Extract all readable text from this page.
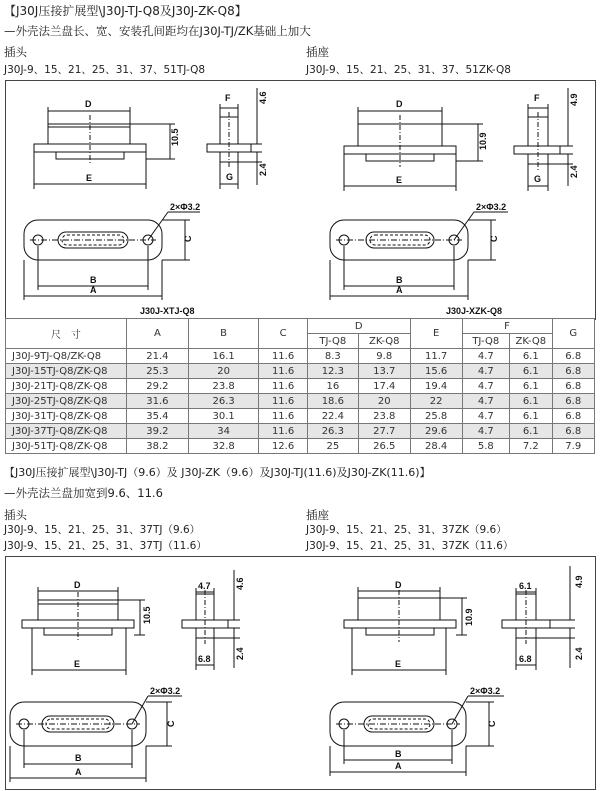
【J30J压接扩展型\J30J-TJ-Q8及J30J-ZK-Q8】
—外壳法兰盘长、宽、安装孔间距均在J30J-TJ/ZK基础上加大
插头
J30J-9、15、21、25、31、37、51TJ-Q8
插座
J30J-9、15、21、25、31、37、51ZK-Q8
D
E
10.5
F
G
4.6
2.4
2×Φ3.2
C
B
A
J30J-XTJ-Q8
D
E
10.9
F
G
4.9
2.4
2×Φ3.2
C
B
A
J30J-XZK-Q8
尺　寸	A	B	C	D		E	F		G
				TJ-Q8	ZK-Q8		TJ-Q8	ZK-Q8	
J30J-9TJ-Q8/ZK-Q8	21.4	16.1	11.6	8.3	9.8	11.7	4.7	6.1	6.8
J30J-15TJ-Q8/ZK-Q8	25.3	20	11.6	12.3	13.7	15.6	4.7	6.1	6.8
J30J-21TJ-Q8/ZK-Q8	29.2	23.8	11.6	16	17.4	19.4	4.7	6.1	6.8
J30J-25TJ-Q8/ZK-Q8	31.6	26.3	11.6	18.6	20	22	4.7	6.1	6.8
J30J-31TJ-Q8/ZK-Q8	35.4	30.1	11.6	22.4	23.8	25.8	4.7	6.1	6.8
J30J-37TJ-Q8/ZK-Q8	39.2	34	11.6	26.3	27.7	29.6	4.7	6.1	6.8
J30J-51TJ-Q8/ZK-Q8	38.2	32.8	12.6	25	26.5	28.4	5.8	7.2	7.9
【J30J压接扩展型\J30J-TJ（9.6）及 J30J-ZK（9.6）及J30J-TJ(11.6)及J30J-ZK(11.6)】
—外壳法兰盘加宽到9.6、11.6
插头
J30J-9、15、21、25、31、37TJ（9.6）
J30J-9、15、21、25、31、37TJ（11.6）
插座
J30J-9、15、21、25、31、37ZK（9.6）
J30J-9、15、21、25、31、37ZK（11.6）
D
E
10.5
4.7
6.8
4.6
2.4
2×Φ3.2
C
B
A
D
E
10.9
6.1
6.8
4.9
2.4
2×Φ3.2
C
B
A
